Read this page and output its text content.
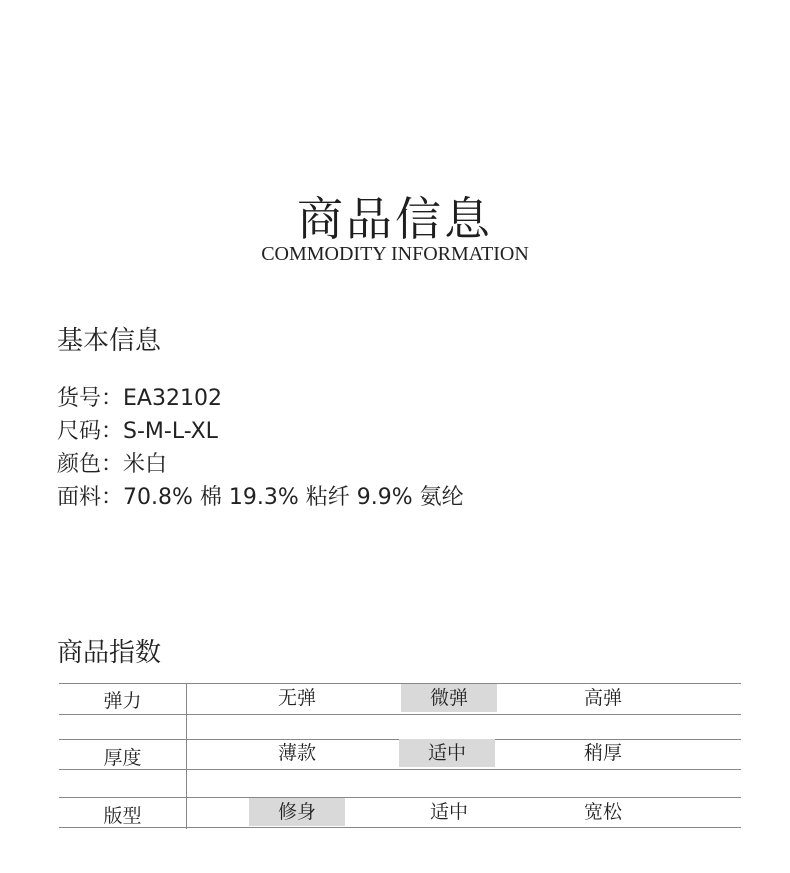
商品信息
COMMODITY INFORMATION
基本信息
货号 ： EA32102
尺码 ： S-M-L-XL
颜色 ： 米白
面料 ： 70.8% 棉 19.3% 粘纤 9.9% 氨纶
商品指数
弹力	无弹	微弹	高弹
厚度	薄款	适中	稍厚
版型	修身	适中	宽松
